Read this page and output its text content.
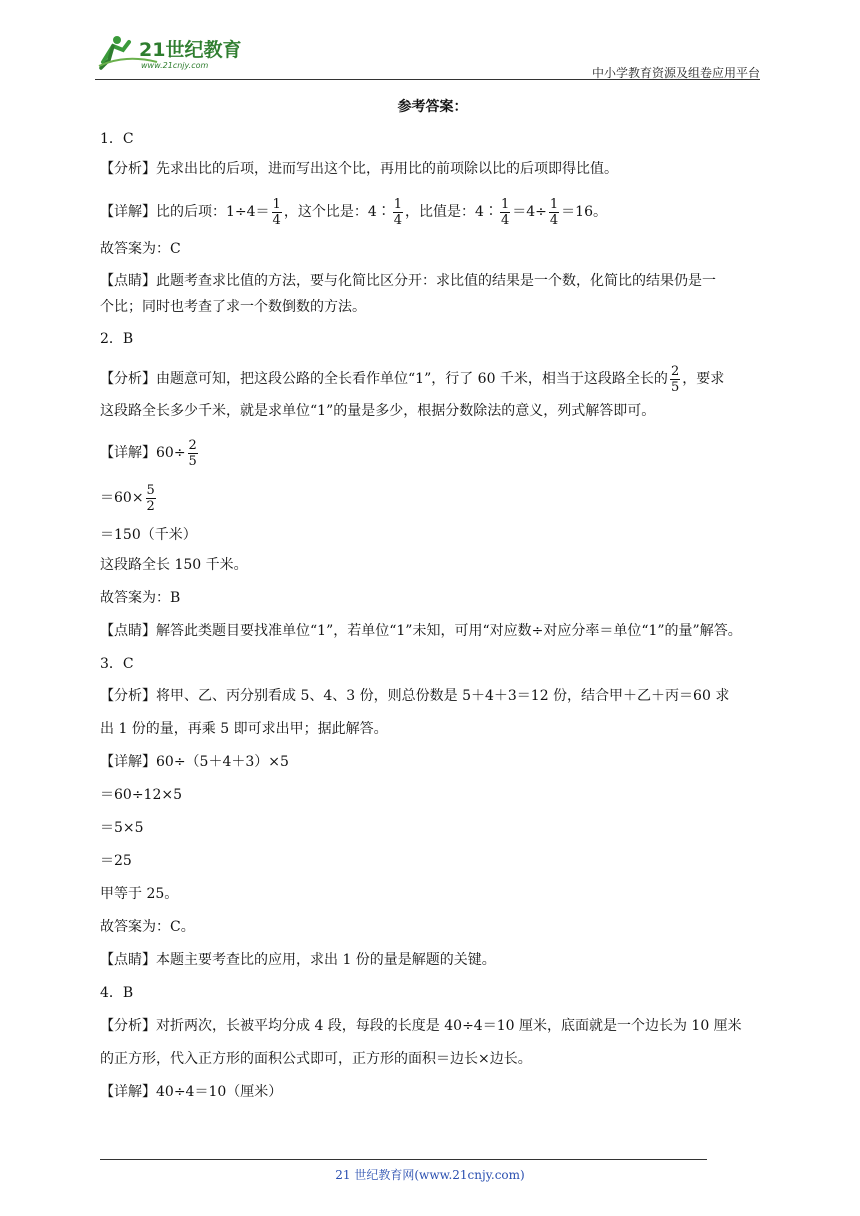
21世纪教育
www.21cnjy.com
中小学教育资源及组卷应用平台
参考答案：
1．C
【分析】先求出比的后项，进而写出这个比，再用比的前项除以比的后项即得比值。
【详解】比的后项：$1\div 4= \frac{1}{4}$ ，这个比是：4∶ $\frac{1}{4}$ ，比值是：4∶ $\frac{1}{4} =4\div \frac{1}{4} =16$。
故答案为：C
【点睛】此题考查求比值的方法，要与化简比区分开：求比值的结果是一个数，化简比的结果仍是一
个比；同时也考查了求一个数倒数的方法。
2．B
【分析】由题意可知，把这段公路的全长看作单位“1”，行了 60 千米，相当于这段路全长的 $\frac{2}{5}$ ，要求
这段路全长多少千米，就是求单位“1”的量是多少，根据分数除法的意义，列式解答即可。
【详解】$60\div \frac{2}{5}$
$=60\times \frac{5}{2}$
＝150（千米）
这段路全长 150 千米。
故答案为：B
【点睛】解答此类题目要找准单位“1”，若单位“1”未知，可用“对应数÷对应分率＝单位“1”的量”解答。
3．C
【分析】将甲、乙、丙分别看成 5、4、3 份，则总份数是 5＋4＋3＝12 份，结合甲＋乙＋丙＝60 求
出 1 份的量，再乘 5 即可求出甲；据此解答。
【详解】60÷（5＋4＋3）×5
＝60÷12×5
＝5×5
＝25
甲等于 25。
故答案为：C。
【点睛】本题主要考查比的应用，求出 1 份的量是解题的关键。
4．B
【分析】对折两次，长被平均分成 4 段，每段的长度是 40÷4＝10 厘米，底面就是一个边长为 10 厘米
的正方形，代入正方形的面积公式即可，正方形的面积＝边长×边长。
【详解】40÷4＝10（厘米）
21 世纪教育网(www.21cnjy.com)
